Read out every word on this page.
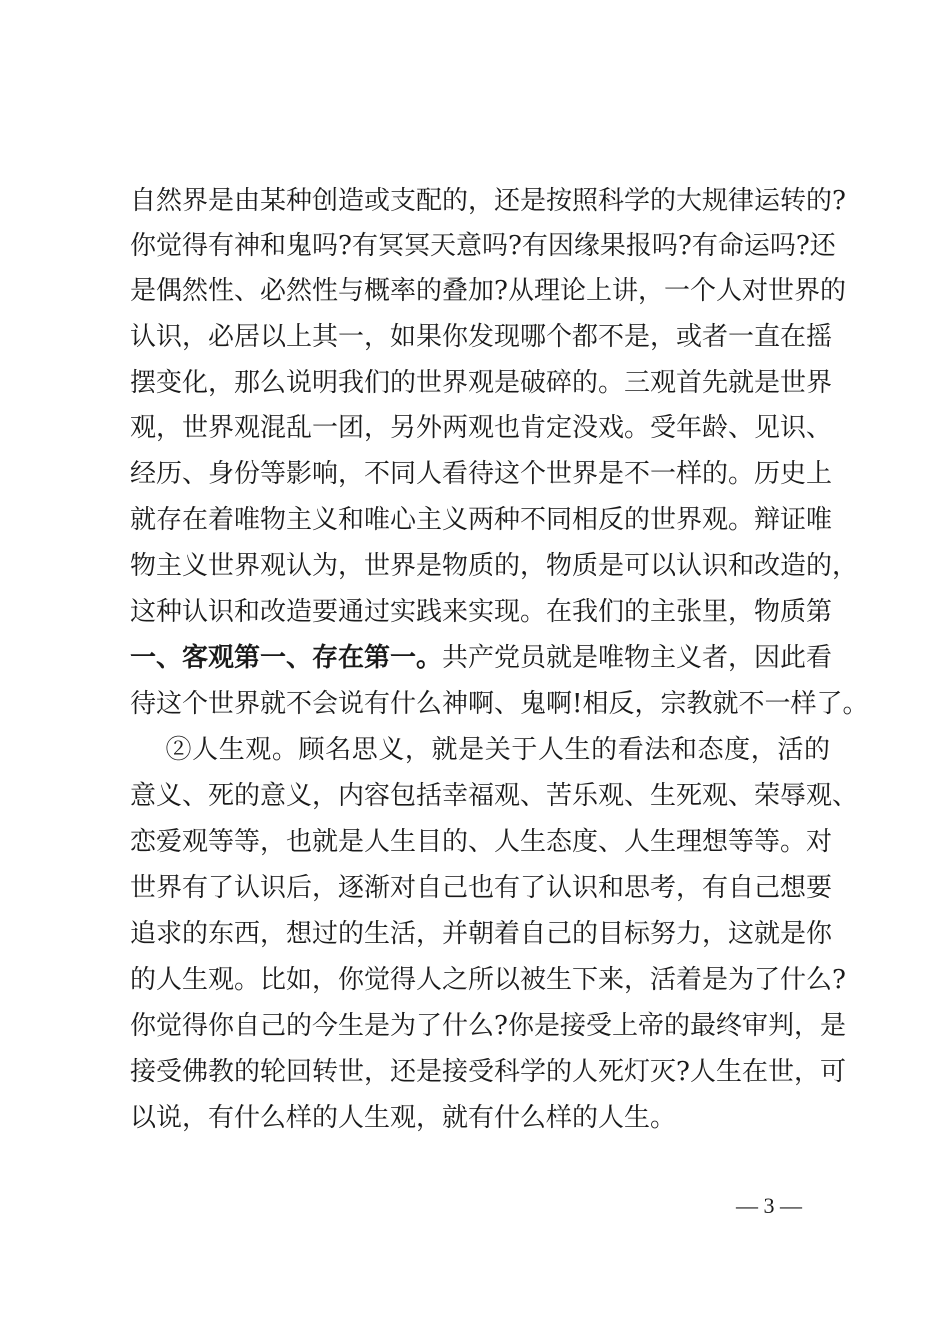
自然界是由某种创造或支配的，还是按照科学的大规律运转的?
你觉得有神和鬼吗?有冥冥天意吗?有因缘果报吗?有命运吗?还
是偶然性、必然性与概率的叠加?从理论上讲，一个人对世界的
认识，必居以上其一，如果你发现哪个都不是，或者一直在摇
摆变化，那么说明我们的世界观是破碎的。三观首先就是世界
观，世界观混乱一团，另外两观也肯定没戏。受年龄、见识、
经历、身份等影响，不同人看待这个世界是不一样的。历史上
就存在着唯物主义和唯心主义两种不同相反的世界观。辩证唯
物主义世界观认为，世界是物质的，物质是可以认识和改造的，
这种认识和改造要通过实践来实现。在我们的主张里，物质第
一、客观第一、存在第一。共产党员就是唯物主义者，因此看
待这个世界就不会说有什么神啊、鬼啊!相反，宗教就不一样了。
②人生观。顾名思义，就是关于人生的看法和态度，活的
意义、死的意义，内容包括幸福观、苦乐观、生死观、荣辱观、
恋爱观等等，也就是人生目的、人生态度、人生理想等等。对
世界有了认识后，逐渐对自己也有了认识和思考，有自己想要
追求的东西，想过的生活，并朝着自己的目标努力，这就是你
的人生观。比如，你觉得人之所以被生下来，活着是为了什么?
你觉得你自己的今生是为了什么?你是接受上帝的最终审判，是
接受佛教的轮回转世，还是接受科学的人死灯灭?人生在世，可
以说，有什么样的人生观，就有什么样的人生。
— 3 —
